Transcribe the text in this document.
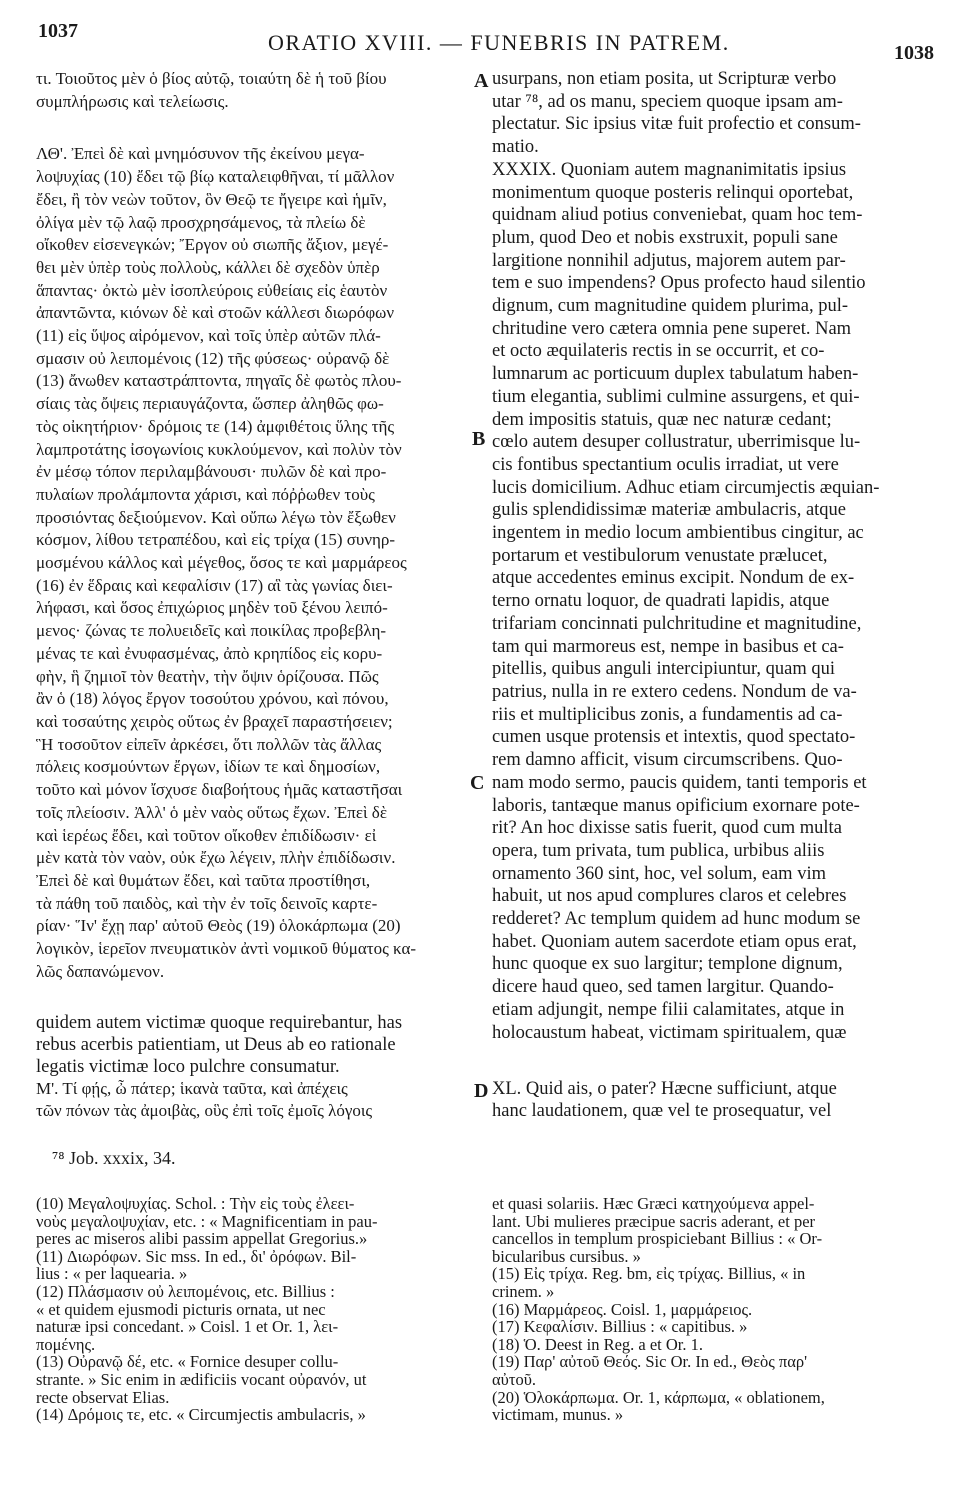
1037	ORATIO XVIII. — FUNEBRIS IN PATREM.	1038
τι. Τοιοῦτος μὲν ὁ βίος αὐτῷ, τοιαύτη δὲ ἡ τοῦ βίου
συμπλήρωσις καὶ τελείωσις.
ΛΘ'. Ἐπεὶ δὲ καὶ μνημόσυνον τῆς ἐκείνου μεγα-
λοψυχίας (10) ἔδει τῷ βίῳ καταλειφθῆναι, τί μᾶλλον
ἔδει, ἢ τὸν νεὼν τοῦτον, ὃν Θεῷ τε ἤγειρε καὶ ἡμῖν,
ὀλίγα μὲν τῷ λαῷ προσχρησάμενος, τὰ πλείω δὲ
οἴκοθεν εἰσενεγκών; Ἔργον οὐ σιωπῆς ἄξιον, μεγέ-
θει μὲν ὑπὲρ τοὺς πολλοὺς, κάλλει δὲ σχεδὸν ὑπὲρ
ἅπαντας· ὀκτὼ μὲν ἰσοπλεύροις εὐθείαις εἰς ἑαυτὸν
ἀπαντῶντα, κιόνων δὲ καὶ στοῶν κάλλεσι διωρόφων
(11) εἰς ὕψος αἰρόμενον, καὶ τοῖς ὑπὲρ αὐτῶν πλά-
σμασιν οὐ λειπομένοις (12) τῆς φύσεως· οὐρανῷ δὲ
(13) ἄνωθεν καταστράπτοντα, πηγαῖς δὲ φωτὸς πλου-
σίαις τὰς ὄψεις περιαυγάζοντα, ὥσπερ ἀληθῶς φω-
τὸς οἰκητήριον· δρόμοις τε (14) ἀμφιθέτοις ὕλης τῆς
λαμπροτάτης ἰσογωνίοις κυκλούμενον, καὶ πολὺν τὸν
ἐν μέσῳ τόπον περιλαμβάνουσι· πυλῶν δὲ καὶ προ-
πυλαίων προλάμποντα χάρισι, καὶ πόῤῥωθεν τοὺς
προσιόντας δεξιούμενον. Καὶ οὔπω λέγω τὸν ἔξωθεν
κόσμον, λίθου τετραπέδου, καὶ εἰς τρίχα (15) συνηρ-
μοσμένου κάλλος καὶ μέγεθος, ὅσος τε καὶ μαρμάρεος
(16) ἐν ἕδραις καὶ κεφαλίσιν (17) αἳ τὰς γωνίας διει-
λήφασι, καὶ ὅσος ἐπιχώριος μηδὲν τοῦ ξένου λειπό-
μενος· ζώνας τε πολυειδεῖς καὶ ποικίλας προβεβλη-
μένας τε καὶ ἐνυφασμένας, ἀπὸ κρηπίδος εἰς κορυ-
φὴν, ἣ ζημιοῖ τὸν θεατὴν, τὴν ὄψιν ὁρίζουσα. Πῶς
ἂν ὁ (18) λόγος ἔργον τοσούτου χρόνου, καὶ πόνου,
καὶ τοσαύτης χειρὸς οὕτως ἐν βραχεῖ παραστήσειεν;
Ἣ τοσοῦτον εἰπεῖν ἀρκέσει, ὅτι πολλῶν τὰς ἄλλας
πόλεις κοσμούντων ἔργων, ἰδίων τε καὶ δημοσίων,
τοῦτο καὶ μόνον ἴσχυσε διαβοήτους ἡμᾶς καταστῆσαι
τοῖς πλείοσιν. Ἀλλ' ὁ μὲν ναὸς οὕτως ἔχων. Ἐπεὶ δὲ
καὶ ἱερέως ἔδει, καὶ τοῦτον οἴκοθεν ἐπιδίδωσιν· εἰ
μὲν κατὰ τὸν ναὸν, οὐκ ἔχω λέγειν, πλὴν ἐπιδίδωσιν.
Ἐπεὶ δὲ καὶ θυμάτων ἔδει, καὶ ταῦτα προστίθησι,
τὰ πάθη τοῦ παιδὸς, καὶ τὴν ἐν τοῖς δεινοῖς καρτε-
ρίαν· Ἵν' ἔχῃ παρ' αὐτοῦ Θεὸς (19) ὁλοκάρπωμα (20)
λογικὸν, ἱερεῖον πνευματικὸν ἀντὶ νομικοῦ θύματος κα-
λῶς δαπανώμενον.
usurpans, non etiam posita, ut Scripturæ verbo
utar ⁷⁸, ad os manu, speciem quoque ipsam am-
plectatur. Sic ipsius vitæ fuit profectio et consum-
matio.
XXXIX. Quoniam autem magnanimitatis ipsius
monimentum quoque posteris relinqui oportebat,
quidnam aliud potius conveniebat, quam hoc tem-
plum, quod Deo et nobis exstruxit, populi sane
largitione nonnihil adjutus, majorem autem par-
tem e suo impendens? Opus profecto haud silentio
dignum, cum magnitudine quidem plurima, pul-
chritudine vero cætera omnia pene superet. Nam
et octo æquilateris rectis in se occurrit, et co-
lumnarum ac porticuum duplex tabulatum haben-
tium elegantia, sublimi culmine assurgens, et qui-
dem impositis statuis, quæ nec naturæ cedant;
cœlo autem desuper collustratur, uberrimisque lu-
cis fontibus spectantium oculis irradiat, ut vere
lucis domicilium. Adhuc etiam circumjectis æquian-
gulis splendidissimæ materiæ ambulacris, atque
ingentem in medio locum ambientibus cingitur, ac
portarum et vestibulorum venustate prælucet,
atque accedentes eminus excipit. Nondum de ex-
terno ornatu loquor, de quadrati lapidis, atque
trifariam concinnati pulchritudine et magnitudine,
tam qui marmoreus est, nempe in basibus et ca-
pitellis, quibus anguli intercipiuntur, quam qui
patrius, nulla in re extero cedens. Nondum de va-
riis et multiplicibus zonis, a fundamentis ad ca-
cumen usque protensis et intextis, quod spectato-
rem damno afficit, visum circumscribens. Quo-
nam modo sermo, paucis quidem, tanti temporis et
laboris, tantæque manus opificium exornare pote-
rit? An hoc dixisse satis fuerit, quod cum multa
opera, tum privata, tum publica, urbibus aliis
ornamento 360 sint, hoc, vel solum, eam vim
habuit, ut nos apud complures claros et celebres
redderet? Ac templum quidem ad hunc modum se
habet. Quoniam autem sacerdote etiam opus erat,
hunc quoque ex suo largitur; templone dignum,
dicere haud queo, sed tamen largitur. Quando-
etiam adjungit, nempe filii calamitates, atque in
holocaustum habeat, victimam spiritualem, quæ
A
B
C
D
quidem autem victimæ quoque requirebantur, has
rebus acerbis patientiam, ut Deus ab eo rationale
legatis victimæ loco pulchre consumatur.
Μ'. Τί φῄς, ὦ πάτερ; ἱκανὰ ταῦτα, καὶ ἀπέχεις
τῶν πόνων τὰς ἀμοιβὰς, οὓς ἐπὶ τοῖς ἐμοῖς λόγοις
XL. Quid ais, o pater? Hæcne sufficiunt, atque
hanc laudationem, quæ vel te prosequatur, vel
⁷⁸ Job. xxxix, 34.
(10) Μεγαλοψυχίας. Schol. : Τὴν εἰς τοὺς ἐλεει-
νοὺς μεγαλοψυχίαν, etc. : « Magnificentiam in pau-
peres ac miseros alibi passim appellat Gregorius.»
(11) Διωρόφων. Sic mss. In ed., δι' ὀρόφων. Bil-
lius : « per laquearia. »
(12) Πλάσμασιν οὐ λειπομένοις, etc. Billius :
« et quidem ejusmodi picturis ornata, ut nec
naturæ ipsi concedant. » Coisl. 1 et Or. 1, λει-
πομένης.
(13) Οὐρανῷ δέ, etc. « Fornice desuper collu-
strante. » Sic enim in ædificiis vocant οὐρανόν, ut
recte observat Elias.
(14) Δρόμοις τε, etc. « Circumjectis ambulacris, »
et quasi solariis. Hæc Græci κατηχούμενα appel-
lant. Ubi mulieres præcipue sacris aderant, et per
cancellos in templum prospiciebant Billius : « Or-
bicularibus cursibus. »
(15) Εἰς τρίχα. Reg. bm, εἰς τρίχας. Billius, « in
crinem. »
(16) Μαρμάρεος. Coisl. 1, μαρμάρειος.
(17) Κεφαλίσιν. Billius : « capitibus. »
(18) Ὁ. Deest in Reg. a et Or. 1.
(19) Παρ' αὐτοῦ Θεός. Sic Or. In ed., Θεὸς παρ'
αὐτοῦ.
(20) Ὁλοκάρπωμα. Or. 1, κάρπωμα, « oblationem,
victimam, munus. »
